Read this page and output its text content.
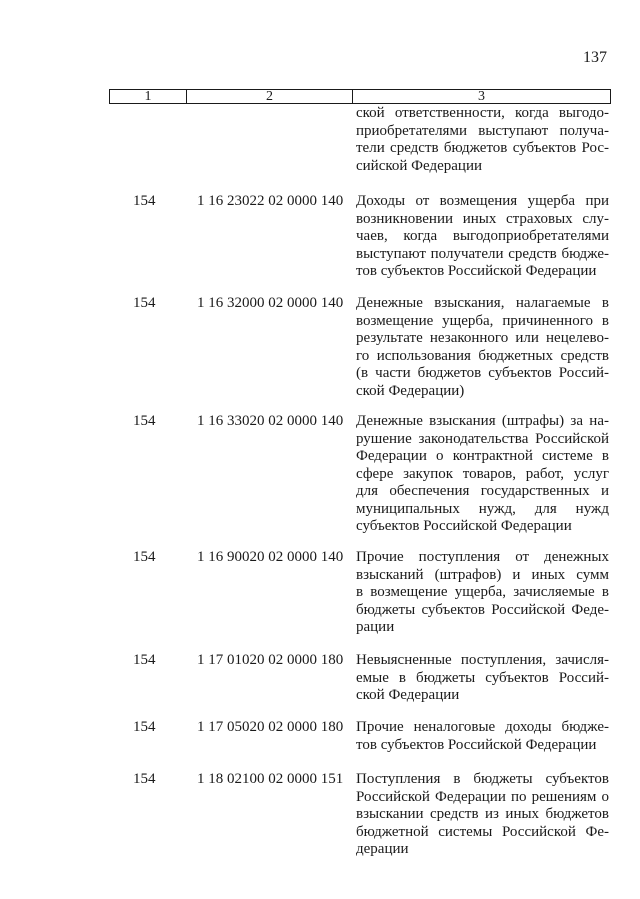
137
1	2	3
ской ответственности, когда выгодо-
приобретателями выступают получа-
тели средств бюджетов субъектов Рос-
сийской Федерации
154	1 16 23022 02 0000 140 Доходы от возмещения ущерба при
возникновении иных страховых слу-
чаев, когда выгодоприобретателями
выступают получатели средств бюдже-
тов субъектов Российской Федерации
154	1 16 32000 02 0000 140 Денежные взыскания, налагаемые в
возмещение ущерба, причиненного в
результате незаконного или нецелево-
го использования бюджетных средств
(в части бюджетов субъектов Россий-
ской Федерации)
154	1 16 33020 02 0000 140 Денежные взыскания (штрафы) за на-
рушение законодательства Российской
Федерации о контрактной системе в
сфере закупок товаров, работ, услуг
для обеспечения государственных и
муниципальных нужд, для нужд
субъектов Российской Федерации
154	1 16 90020 02 0000 140 Прочие поступления от денежных
взысканий (штрафов) и иных сумм
в возмещение ущерба, зачисляемые в
бюджеты субъектов Российской Феде-
рации
154	1 17 01020 02 0000 180 Невыясненные поступления, зачисля-
емые в бюджеты субъектов Россий-
ской Федерации
154	1 17 05020 02 0000 180 Прочие неналоговые доходы бюдже-
тов субъектов Российской Федерации
154	1 18 02100 02 0000 151 Поступления в бюджеты субъектов
Российской Федерации по решениям о
взыскании средств из иных бюджетов
бюджетной системы Российской Фе-
дерации
